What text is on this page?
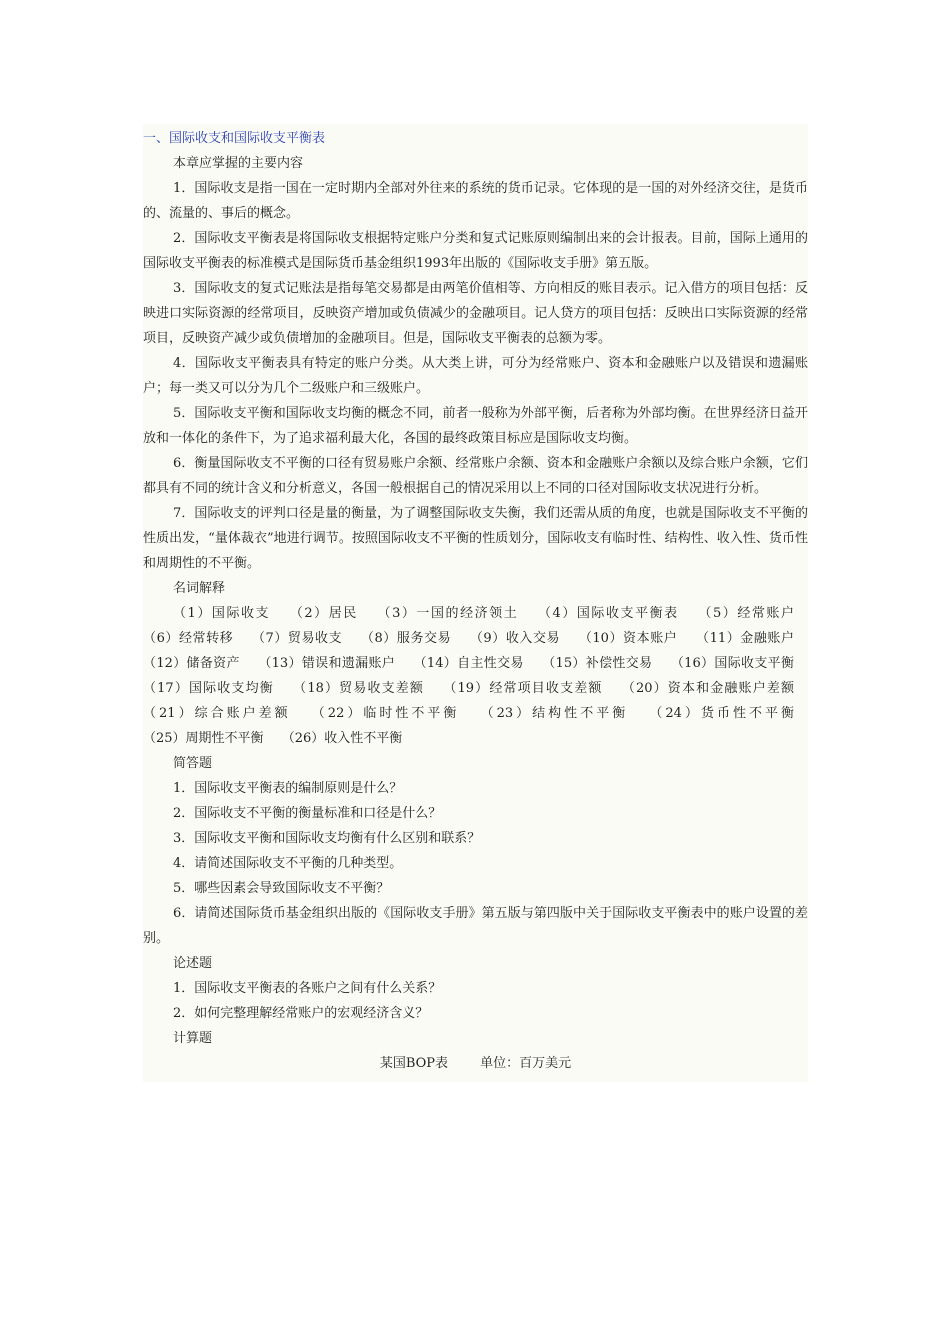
一、国际收支和国际收支平衡表

本章应掌握的主要内容

1．国际收支是指一国在一定时期内全部对外往来的系统的货币记录。它体现的是一国的对外经济交往，是货币的、流量的、事后的概念。

2．国际收支平衡表是将国际收支根据特定账户分类和复式记账原则编制出来的会计报表。目前，国际上通用的国际收支平衡表的标准模式是国际货币基金组织1993年出版的《国际收支手册》第五版。

3．国际收支的复式记账法是指每笔交易都是由两笔价值相等、方向相反的账目表示。记入借方的项目包括：反映进口实际资源的经常项目，反映资产增加或负债减少的金融项目。记人贷方的项目包括：反映出口实际资源的经常项目，反映资产减少或负债增加的金融项目。但是，国际收支平衡表的总额为零。

4．国际收支平衡表具有特定的账户分类。从大类上讲，可分为经常账户、资本和金融账户以及错误和遗漏账户；每一类又可以分为几个二级账户和三级账户。

5．国际收支平衡和国际收支均衡的概念不同，前者一般称为外部平衡，后者称为外部均衡。在世界经济日益开放和一体化的条件下，为了追求福利最大化，各国的最终政策目标应是国际收支均衡。

6．衡量国际收支不平衡的口径有贸易账户余额、经常账户余额、资本和金融账户余额以及综合账户余额，它们都具有不同的统计含义和分析意义，各国一般根据自己的情况采用以上不同的口径对国际收支状况进行分析。

7．国际收支的评判口径是量的衡量，为了调整国际收支失衡，我们还需从质的角度，也就是国际收支不平衡的性质出发，“量体裁衣”地进行调节。按照国际收支不平衡的性质划分，国际收支有临时性、结构性、收入性、货币性和周期性的不平衡。

名词解释

（1）国际收支 （2）居民 （3）一国的经济领土 （4）国际收支平衡表 （5）经常账户 （6）经常转移 （7）贸易收支 （8）服务交易 （9）收入交易 （10）资本账户 （11）金融账户 （12）储备资产 （13）错误和遗漏账户 （14）自主性交易 （15）补偿性交易 （16）国际收支平衡 （17）国际收支均衡 （18）贸易收支差额 （19）经常项目收支差额 （20）资本和金融账户差额 （21）综合账户差额 （22）临时性不平衡 （23）结构性不平衡 （24）货币性不平衡 （25）周期性不平衡 （26）收入性不平衡

简答题

1．国际收支平衡表的编制原则是什么？

2．国际收支不平衡的衡量标准和口径是什么？

3．国际收支平衡和国际收支均衡有什么区别和联系？

4．请简述国际收支不平衡的几种类型。

5．哪些因素会导致国际收支不平衡？

6．请简述国际货币基金组织出版的《国际收支手册》第五版与第四版中关于国际收支平衡表中的账户设置的差别。

论述题

1．国际收支平衡表的各账户之间有什么关系？

2．如何完整理解经常账户的宏观经济含义？

计算题

某国BOP表 单位：百万美元
